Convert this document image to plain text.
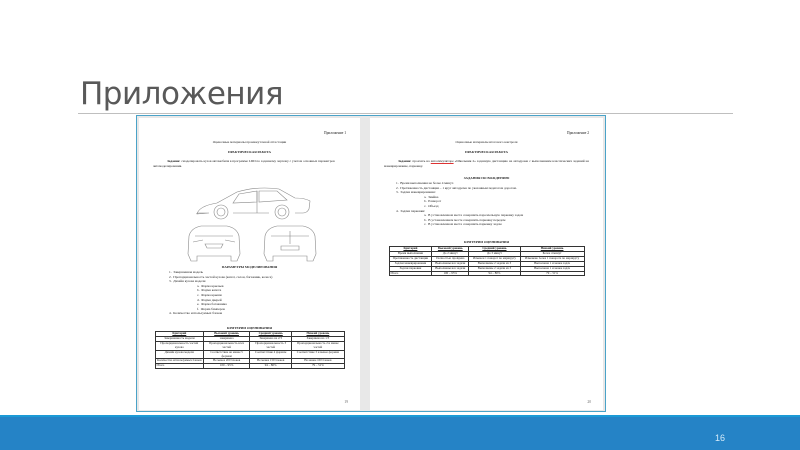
Приложения
Приложение 1
Оценочные материалы промежуточной аттестации
ПРАКТИЧЕСКАЯ РАБОТА
Задание: смоделировать кузов автомобиля в программе LDD по заданному чертежу с учетом основных параметров автомоделирования.
ПАРАМЕТРЫ МОДЕЛИРОВАНИЯ
1.  Завершенная модель
2.  Пропорциональность частей кузова (капот, салон, багажник, колеса)
3.  Дизайн кузова модели
a.  Форма крыльев
b.  Форма капота
c.  Форма крыши
d.  Форма дверей
e.  Форма багажника
f.  Форма бамперов
4.  Количество используемых блоков
КРИТЕРИИ ОЦЕНИВАНИЯ
Критерий	Высокий уровень	Средний уровень	Низкий уровень
Завершенность модели	завершена	Завершена на 2/3	Завершена на 1/3
Пропорциональность частей кузова	Пропорциональность всех частей	Пропорциональность 3 частей	Пропорциональность 2 и менее частей
Дизайн кузова модели	Соответствие не менее 5 формам	Соответствие 4 формам	Соответствие 3 и менее формам
Количество используемых блоков	Не менее 200 блоков	Не менее 150 блоков	Не менее 100 блоков
Итого	100 – 95%	94 – 80%	79 – 51%
19
Приложение 2
Оценочные материалы итогового контроля
ПРАКТИЧЕСКАЯ РАБОТА
Задание: проехать на автосимуляторе «Школьник 2» заданную дистанцию на автодроме с выполнением классических заданий на маневрирование, парковку.
ЗАДАНИЯ ПО ВОЖДЕНИЮ
1.  Время выполнения не более 4 минут.
2.  Протяженность дистанции – 1 круг автодрома по указанным педагогом дорогам.
3.  Задачи маневрирования:
a.  Змейка
b.  Разворот
c.  Объезд
4.  Задачи парковки:
a.  В установленном месте совершить параллельную парковку задом
b.  В установленном месте совершить парковку передом
c.  В установленном месте совершить парковку задом
КРИТЕРИИ ОЦЕНИВАНИЯ
Критерий	Высокий уровень	Средний уровень	Низкий уровень
Время выполнения	До 2 минут	До 3 минут	Более 4 минут
Протяженность дистанции	Полностью пройдена	Изменен 1 поворот по маршруту	Изменено более 1 поворота по маршруту
Задачи маневрирования	Выполнены все задачи	Выполнены 2 задачи из 3	Выполнена 1 и менее задач
Задачи парковки	Выполнены все задачи	Выполнены 2 задачи из 3	Выполнена 1 и менее задач
Итого	100 – 95%	94 – 80%	79 – 51%
20
16
